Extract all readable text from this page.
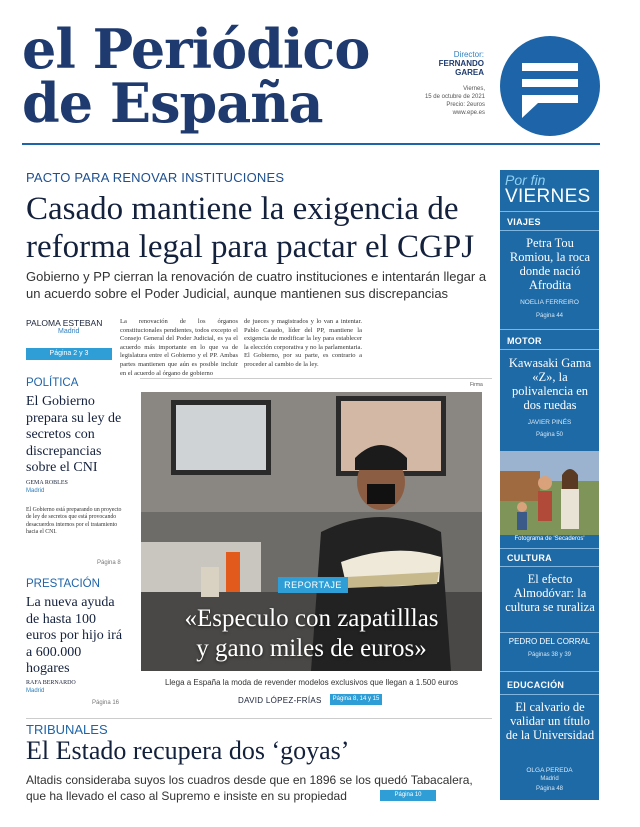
el Periódico
de España
Director:
FERNANDO
GAREA
Viernes,
15 de octubre de 2021
Precio: 2euros
www.epe.es
PACTO PARA RENOVAR INSTITUCIONES
Casado mantiene la exigencia de
reforma legal para pactar el CGPJ
Gobierno y PP cierran la renovación de cuatro instituciones e intentarán llegar a un acuerdo sobre el Poder Judicial, aunque mantienen sus discrepancias
PALOMA ESTEBAN
Madrid
Página 2 y 3
La renovación de los órganos constitucionales pendientes, todos excepto el Consejo General del Poder Judicial, es ya el acuerdo más importante en lo que va de legislatura entre el Gobierno y el PP. Ambas partes mantienen que aún es posible incluir en el acuerdo al órgano de gobierno
de jueces y magistrados y lo van a intentar. Pablo Casado, líder del PP, mantiene la exigencia de modificar la ley para establecer la elección corporativa y no la parlamentaria. El Gobierno, por su parte, es contrario a proceder al cambio de la ley.
Firma
POLÍTICA
El Gobierno prepara su ley de secretos con discrepancias sobre el CNI
GEMA ROBLES
Madrid
El Gobierno está preparando un proyecto de ley de secretos que está provocando desacuerdos internos por el tratamiento hacia el CNI.
Página 8
PRESTACIÓN
La nueva ayuda de hasta 100 euros por hijo irá a 600.000 hogares
RAFA BERNARDO
Madrid
Página 16
REPORTAJE
«Especulo con zapatilllas
y gano miles de euros»
Llega a España la moda de revender modelos exclusivos que llegan a 1.500 euros
DAVID LÓPEZ-FRÍAS	Página 8, 14 y 15
TRIBUNALES
El Estado recupera dos ‘goyas’
Altadis consideraba suyos los cuadros desde que en 1896 se los quedó Tabacalera,
que ha llevado el caso al Supremo e insiste en su propiedad	Página 10
Por fin
VIERNES
VIAJES
Petra Tou Romiou, la roca donde nació Afrodita
NOELIA FERREIRO
Página 44
MOTOR
Kawasaki Gama «Z», la polivalencia en dos ruedas
JAVIER PINÉS
Página 50
Fotograma de 'Secaderos'
CULTURA
El efecto Almodóvar: la cultura se ruraliza
PEDRO DEL CORRAL
Páginas 38 y 39
EDUCACIÓN
El calvario de validar un título de la Universidad
OLGA PEREDA
Madrid
Página 48
